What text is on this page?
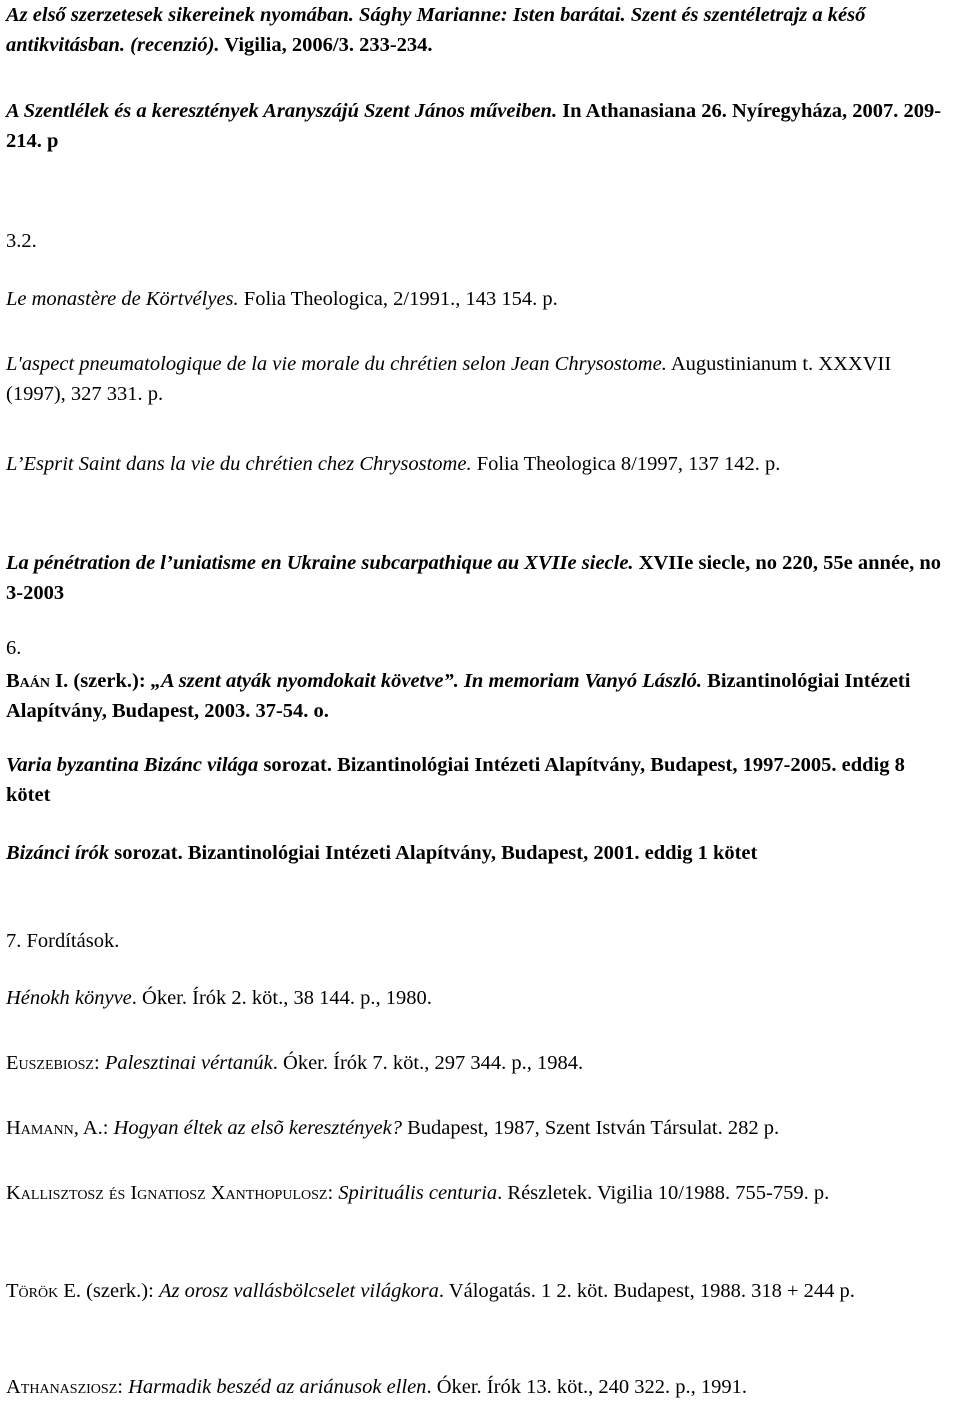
Az első szerzetesek sikereinek nyomában. Sághy Marianne: Isten barátai. Szent és szentéletrajz a késő antikvitásban. (recenzió). Vigilia, 2006/3. 233-234.

A Szentlélek és a keresztények Aranyszájú Szent János műveiben. In Athanasiana 26. Nyíregyháza, 2007. 209-214. p

3.2.

Le monastère de Körtvélyes. Folia Theologica, 2/1991., 143 154. p.

L'aspect pneumatologique de la vie morale du chrétien selon Jean Chrysostome. Augustinianum t. XXXVII (1997), 327 331. p.

L’Esprit Saint dans la vie du chrétien chez Chrysostome. Folia Theologica 8/1997, 137 142. p.

La pénétration de l’uniatisme en Ukraine subcarpathique au XVIIe siecle. XVIIe siecle, no 220, 55e année, no 3-2003

6.

Baán I. (szerk.): „A szent atyák nyomdokait követve”. In memoriam Vanyó László. Bizantinológiai Intézeti Alapítvány, Budapest, 2003. 37-54. o.

Varia byzantina Bizánc világa sorozat. Bizantinológiai Intézeti Alapítvány, Budapest, 1997-2005. eddig 8 kötet

Bizánci írók sorozat. Bizantinológiai Intézeti Alapítvány, Budapest, 2001. eddig 1 kötet

7. Fordítások.

Hénokh könyve. Óker. Írók 2. köt., 38 144. p., 1980.

Euszebiosz: Palesztinai vértanúk. Óker. Írók 7. köt., 297 344. p., 1984.

Hamann, A.: Hogyan éltek az elsõ keresztények? Budapest, 1987, Szent István Társulat. 282 p.

Kallisztosz és Ignatiosz Xanthopulosz: Spirituális centuria. Részletek. Vigilia 10/1988. 755-759. p.

Török E. (szerk.): Az orosz vallásbölcselet világkora. Válogatás. 1 2. köt. Budapest, 1988. 318 + 244 p.

Athanasziosz: Harmadik beszéd az ariánusok ellen. Óker. Írók 13. köt., 240 322. p., 1991.
